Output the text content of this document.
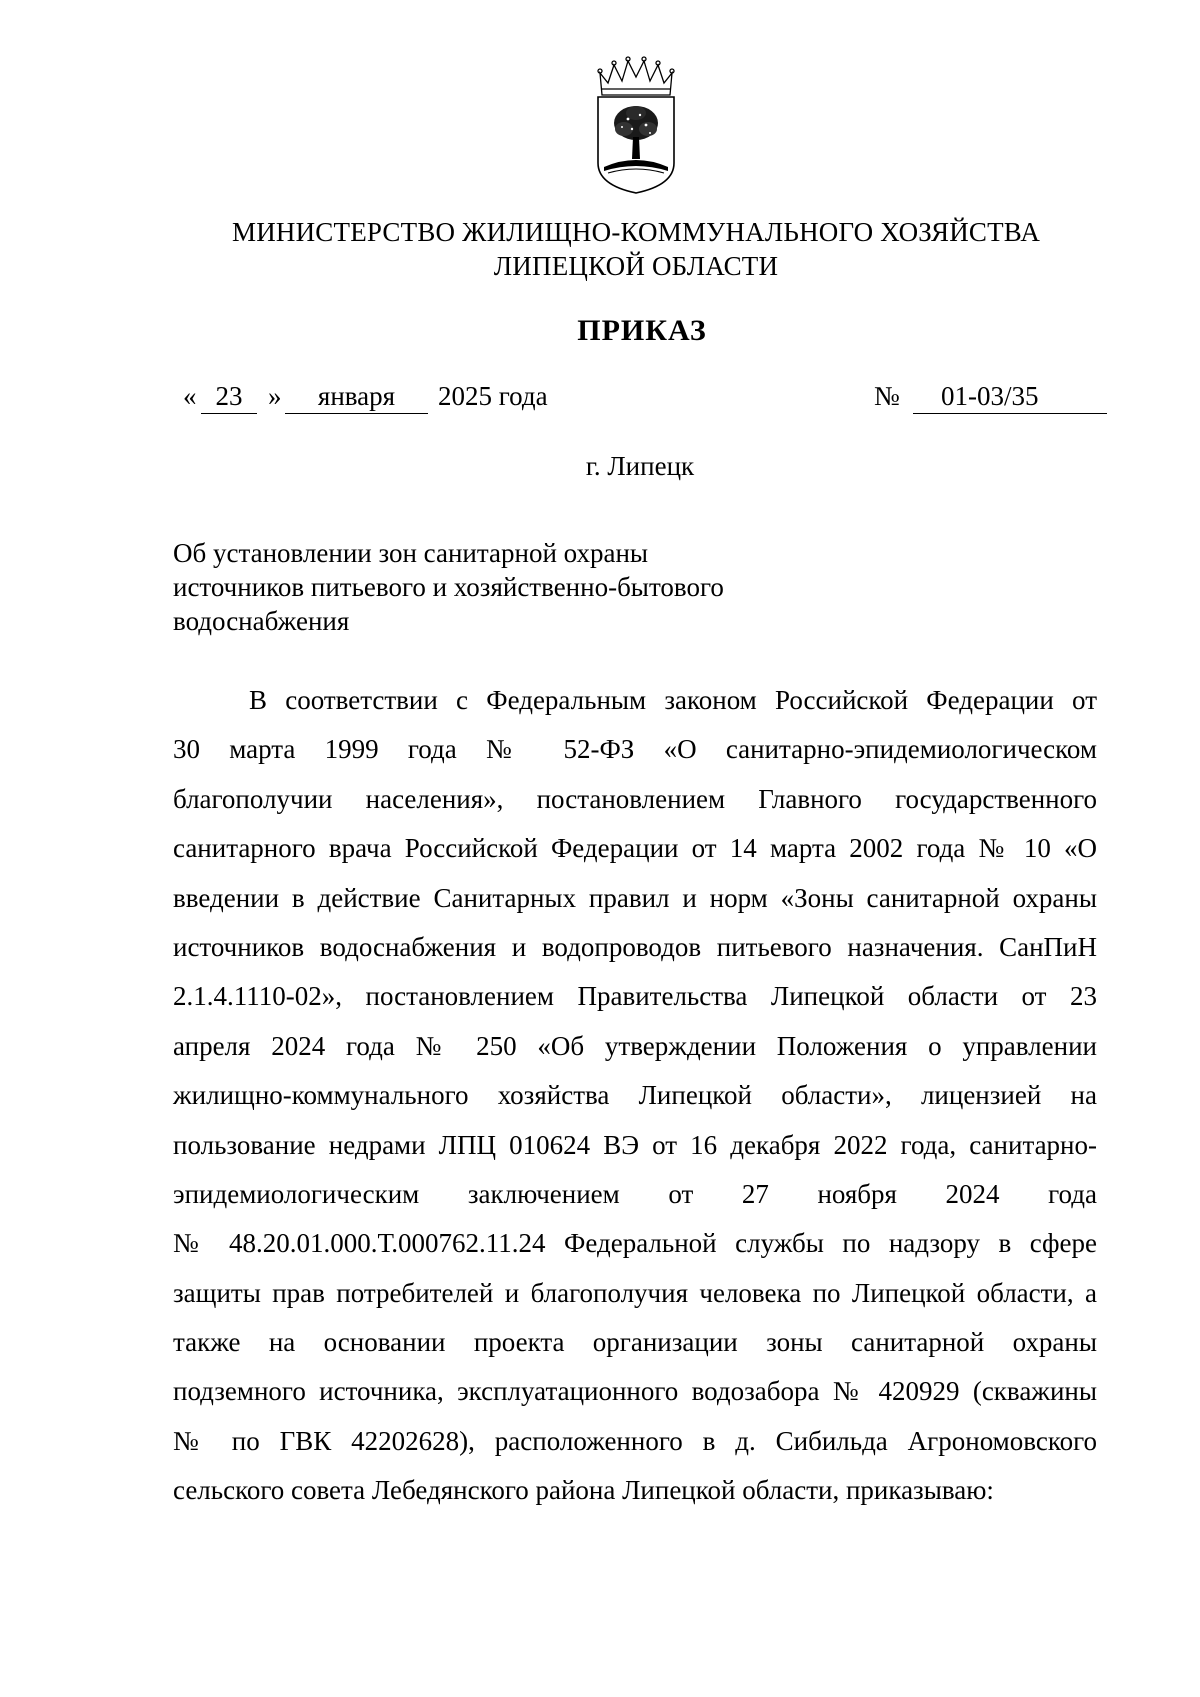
МИНИСТЕРСТВО ЖИЛИЩНО-КОММУНАЛЬНОГО ХОЗЯЙСТВА
ЛИПЕЦКОЙ ОБЛАСТИ
ПРИКАЗ
« 23 »	января	2025 года	№	01-03/35
г. Липецк
Об установлении зон санитарной охраны
источников питьевого и хозяйственно-бытового
водоснабжения
В соответствии с Федеральным законом Российской Федерации от
30 марта 1999 года № 52-ФЗ «О санитарно-эпидемиологическом
благополучии населения», постановлением Главного государственного
санитарного врача Российской Федерации от 14 марта 2002 года № 10 «О
введении в действие Санитарных правил и норм «Зоны санитарной охраны
источников водоснабжения и водопроводов питьевого назначения. СанПиН
2.1.4.1110-02», постановлением Правительства Липецкой области от 23
апреля 2024 года № 250 «Об утверждении Положения о управлении
жилищно-коммунального хозяйства Липецкой области», лицензией на
пользование недрами ЛПЦ 010624 ВЭ от 16 декабря 2022 года, санитарно-
эпидемиологическим заключением от 27 ноября 2024 года
№ 48.20.01.000.Т.000762.11.24 Федеральной службы по надзору в сфере
защиты прав потребителей и благополучия человека по Липецкой области, а
также на основании проекта организации зоны санитарной охраны
подземного источника, эксплуатационного водозабора № 420929 (скважины
№ по ГВК 42202628), расположенного в д. Сибильда Агрономовского
сельского совета Лебедянского района Липецкой области, приказываю:
